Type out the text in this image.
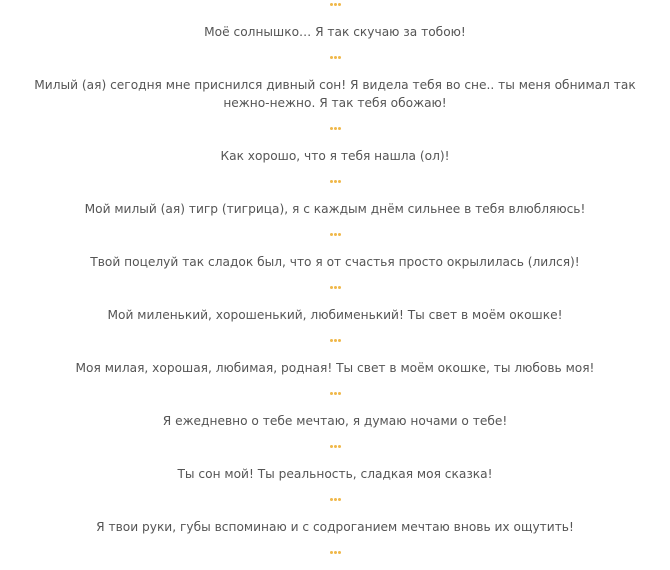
Моё солнышко… Я так скучаю за тобою!

Милый (ая) сегодня мне приснился дивный сон! Я видела тебя во сне.. ты меня обнимал так нежно-нежно. Я так тебя обожаю!

Как хорошо, что я тебя нашла (ол)!

Мой милый (ая) тигр (тигрица), я с каждым днём сильнее в тебя влюбляюсь!

Твой поцелуй так сладок был, что я от счастья просто окрылилась (лился)!

Мой миленький, хорошенький, любименький! Ты свет в моём окошке!

Моя милая, хорошая, любимая, родная! Ты свет в моём окошке, ты любовь моя!

Я ежедневно о тебе мечтаю, я думаю ночами о тебе!

Ты сон мой! Ты реальность, сладкая моя сказка!

Я твои руки, губы вспоминаю и с содроганием мечтаю вновь их ощутить!
